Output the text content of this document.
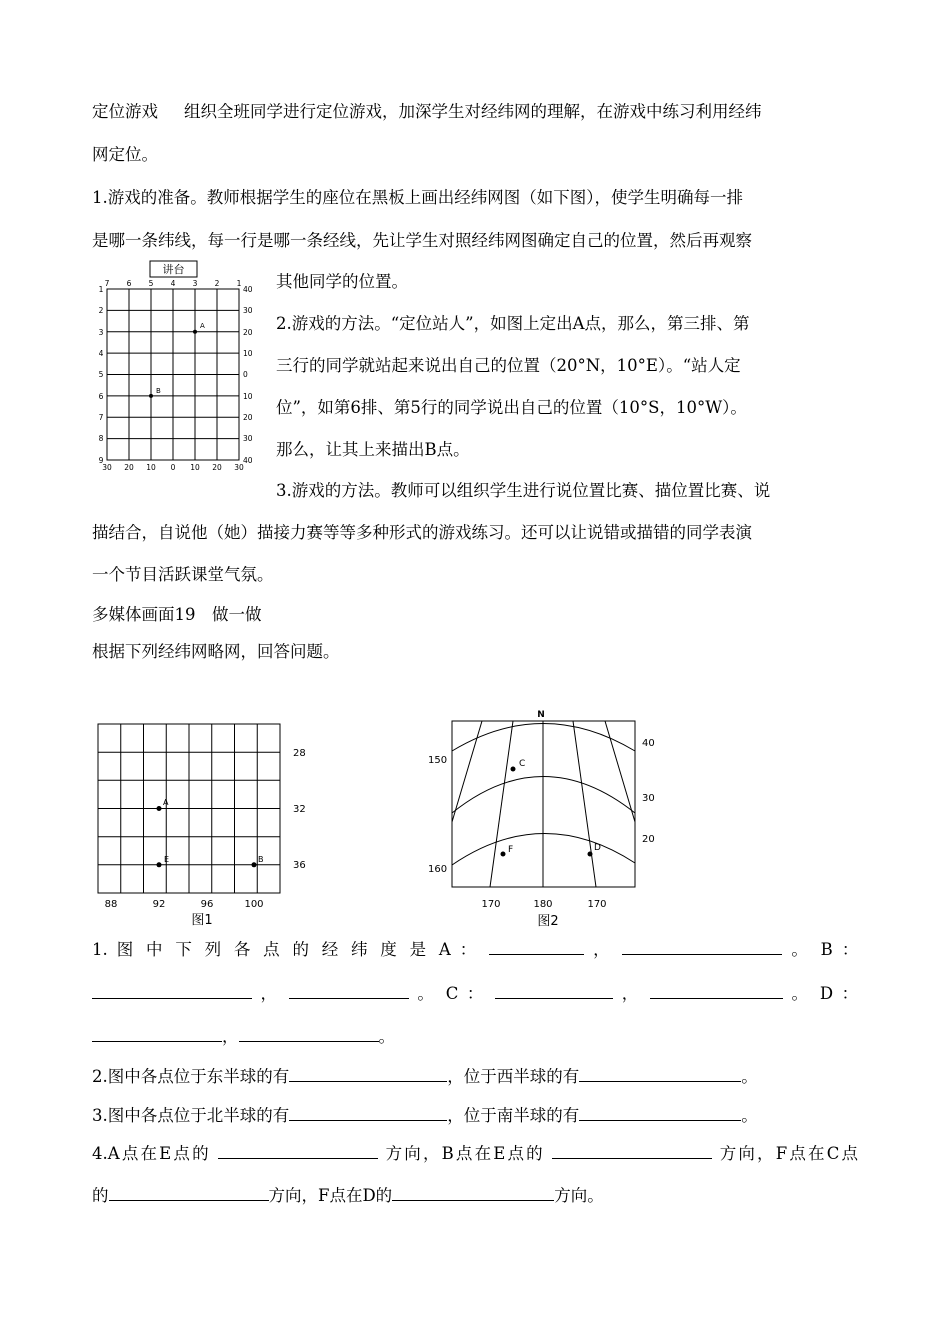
定位游戏 组织全班同学进行定位游戏，加深学生对经纬网的理解，在游戏中练习利用经纬
网定位。
1.游戏的准备。教师根据学生的座位在黑板上画出经纬网图（如下图），使学生明确每一排
是哪一条纬线，每一行是哪一条经线，先让学生对照经纬网图确定自己的位置，然后再观察
其他同学的位置。
2.游戏的方法。“定位站人”，如图上定出A点，那么，第三排、第
三行的同学就站起来说出自己的位置（20°N，10°E）。“站人定
位”，如第6排、第5行的同学说出自己的位置（10°S，10°W）。
那么，让其上来描出B点。
3.游戏的方法。教师可以组织学生进行说位置比赛、描位置比赛、说
描结合，自说他（她）描接力赛等等多种形式的游戏练习。还可以让说错或描错的同学表演
一个节目活跃课堂气氛。
多媒体画面19　做一做
根据下列经纬网略网，回答问题。
讲台
7 6 5 4 3 2 1
1
2
3
4
5
6
7
8
9
40
30
20
10
0
10
20
30
40
30 20 10 0 10 20 30
A
B
28
32
36
88	92	96	100
A
E	B
图1
N
150
160
40
30
20
170	180	170
C
F	D
图2
1. 图 中 下 列 各 点 的 经 纬 度 是 A ：	，	。 B ：
，	。 C ：	，	。 D ：
，	。
2.图中各点位于东半球的有	，位于西半球的有	。
3.图中各点位于北半球的有	，位于南半球的有	。
4.A点在E点的	方向，B点在E点的	方向，F点在C点
的	方向，F点在D的	方向。
